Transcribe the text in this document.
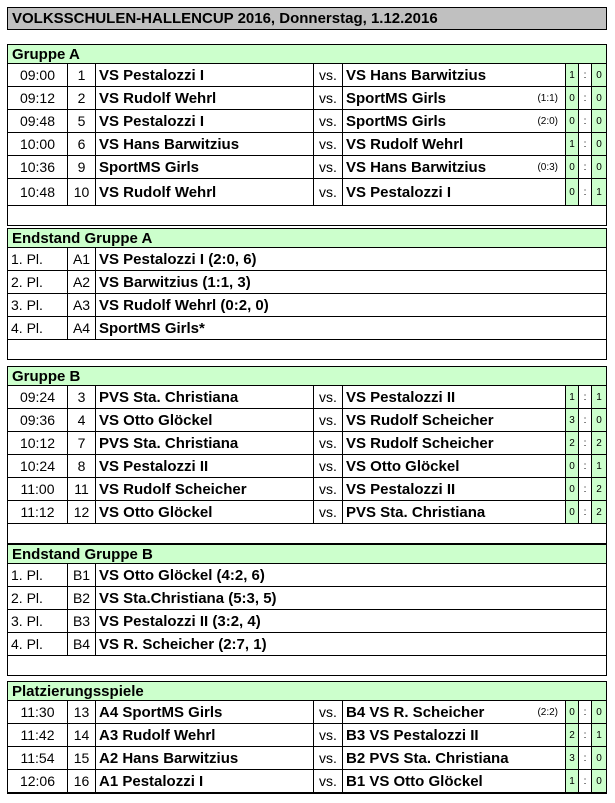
VOLKSSCHULEN-HALLENCUP 2016, Donnerstag, 1.12.2016
Gruppe A
09:00	1 VS Pestalozzi I	vs. VS Hans Barwitzius	1 : 0
09:12	2 VS Rudolf Wehrl	vs. SportMS Girls	(1:1)	0 : 0
09:48	5 VS Pestalozzi I	vs. SportMS Girls	(2:0)	0 : 0
10:00	6 VS Hans Barwitzius	vs. VS Rudolf Wehrl	1 : 0
10:36	9 SportMS Girls	vs. VS Hans Barwitzius	(0:3)	0 : 0
10:48	10 VS Rudolf Wehrl	vs. VS Pestalozzi I	0 : 1
Endstand Gruppe A
1. Pl.	A1 VS Pestalozzi I (2:0, 6)
2. Pl.	A2 VS Barwitzius (1:1, 3)
3. Pl.	A3 VS Rudolf Wehrl (0:2, 0)
4. Pl.	A4 SportMS Girls*
Gruppe B
09:24	3 PVS Sta. Christiana	vs. VS Pestalozzi II	1 : 1
09:36	4 VS Otto Glöckel	vs. VS Rudolf Scheicher	3 : 0
10:12	7 PVS Sta. Christiana	vs. VS Rudolf Scheicher	2 : 2
10:24	8 VS Pestalozzi II	vs. VS Otto Glöckel	0 : 1
11:00	11 VS Rudolf Scheicher	vs. VS Pestalozzi II	0 : 2
11:12	12 VS Otto Glöckel	vs. PVS Sta. Christiana	0 : 2
Endstand Gruppe B
1. Pl.	B1 VS Otto Glöckel (4:2, 6)
2. Pl.	B2 VS Sta.Christiana (5:3, 5)
3. Pl.	B3 VS Pestalozzi II (3:2, 4)
4. Pl.	B4 VS R. Scheicher (2:7, 1)
Platzierungsspiele
11:30	13 A4 SportMS Girls	vs. B4 VS R. Scheicher	(2:2)	0 : 0
11:42	14 A3 Rudolf Wehrl	vs. B3 VS Pestalozzi II	2 : 1
11:54	15 A2 Hans Barwitzius	vs. B2 PVS Sta. Christiana	3 : 0
12:06	16 A1 Pestalozzi I	vs. B1 VS Otto Glöckel	1 : 0
